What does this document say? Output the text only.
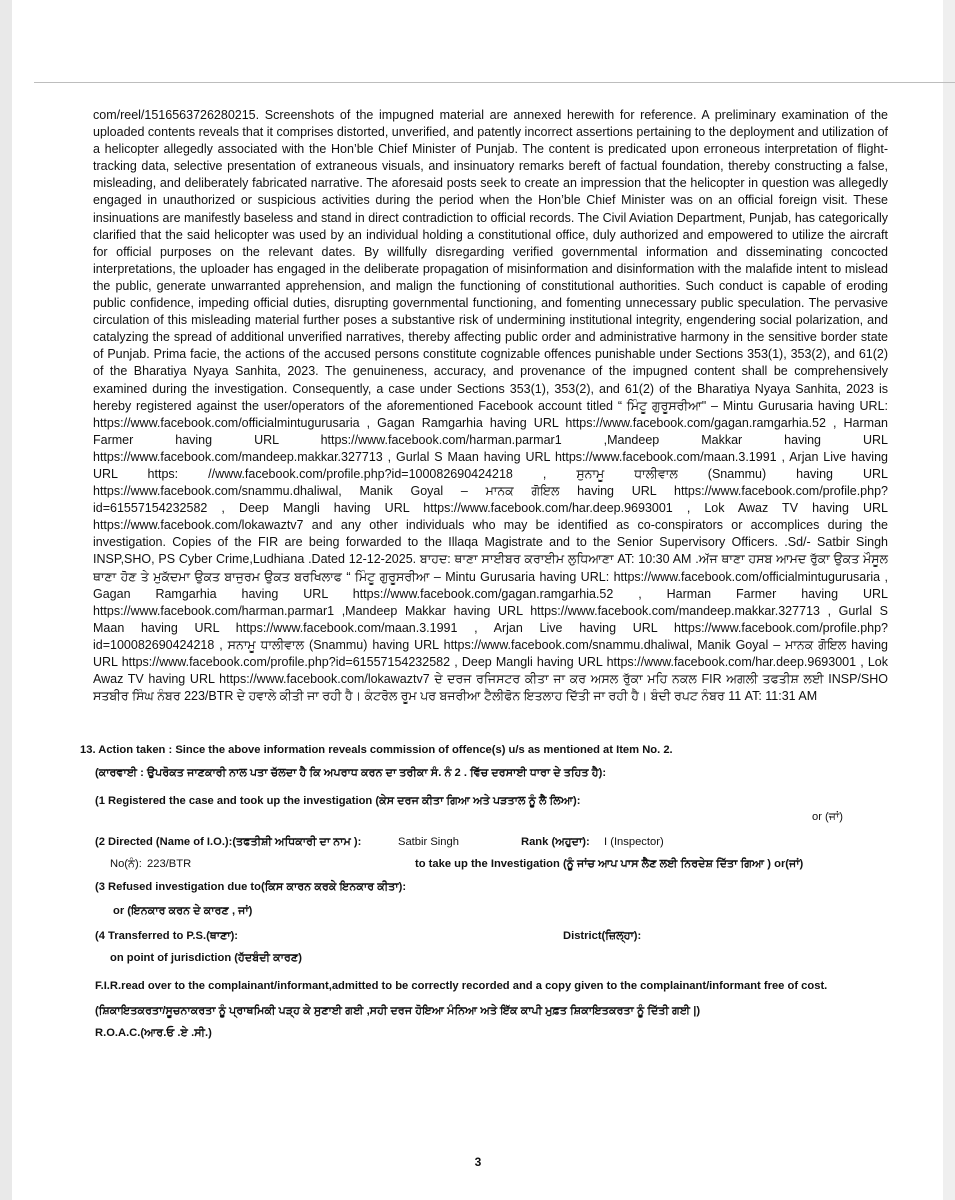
com/reel/1516563726280215. Screenshots of the impugned material are annexed herewith for reference. A preliminary examination of the uploaded contents reveals that it comprises distorted, unverified, and patently incorrect assertions pertaining to the deployment and utilization of a helicopter allegedly associated with the Hon’ble Chief Minister of Punjab. The content is predicated upon erroneous interpretation of flight-tracking data, selective presentation of extraneous visuals, and insinuatory remarks bereft of factual foundation, thereby constructing a false, misleading, and deliberately fabricated narrative. The aforesaid posts seek to create an impression that the helicopter in question was allegedly engaged in unauthorized or suspicious activities during the period when the Hon’ble Chief Minister was on an official foreign visit. These insinuations are manifestly baseless and stand in direct contradiction to official records. The Civil Aviation Department, Punjab, has categorically clarified that the said helicopter was used by an individual holding a constitutional office, duly authorized and empowered to utilize the aircraft for official purposes on the relevant dates. By willfully disregarding verified governmental information and disseminating concocted interpretations, the uploader has engaged in the deliberate propagation of misinformation and disinformation with the malafide intent to mislead the public, generate unwarranted apprehension, and malign the functioning of constitutional authorities. Such conduct is capable of eroding public confidence, impeding official duties, disrupting governmental functioning, and fomenting unnecessary public speculation. The pervasive circulation of this misleading material further poses a substantive risk of undermining institutional integrity, engendering social polarization, and catalyzing the spread of additional unverified narratives, thereby affecting public order and administrative harmony in the sensitive border state of Punjab. Prima facie, the actions of the accused persons constitute cognizable offences punishable under Sections 353(1), 353(2), and 61(2) of the Bharatiya Nyaya Sanhita, 2023. The genuineness, accuracy, and provenance of the impugned content shall be comprehensively examined during the investigation. Consequently, a case under Sections 353(1), 353(2), and 61(2) of the Bharatiya Nyaya Sanhita, 2023 is hereby registered against the user/operators of the aforementioned Facebook account titled “ ਮਿੰਟੂ ਗੁਰੂਸਰੀਆ" – Mintu Gurusaria having URL: https://www.facebook.com/officialmintugurusaria , Gagan Ramgarhia having URL https://www.facebook.com/gagan.ramgarhia.52 , Harman Farmer having URL https://www.facebook.com/harman.parmar1 ,Mandeep Makkar having URL https://www.facebook.com/mandeep.makkar.327713 , Gurlal S Maan having URL https://www.facebook.com/maan.3.1991 , Arjan Live having URL https: //www.facebook.com/profile.php?id=100082690424218 , ਸੁਨਾਮੂ ਧਾਲੀਵਾਲ (Snammu) having URL https://www.facebook.com/snammu.dhaliwal, Manik Goyal – ਮਾਨਕ ਗੋਇਲ having URL https://www.facebook.com/profile.php?id=61557154232582 , Deep Mangli having URL https://www.facebook.com/har.deep.9693001 , Lok Awaz TV having URL https://www.facebook.com/lokawaztv7 and any other individuals who may be identified as co-conspirators or accomplices during the investigation. Copies of the FIR are being forwarded to the Illaqa Magistrate and to the Senior Supervisory Officers. .Sd/- Satbir Singh INSP,SHO, PS Cyber Crime,Ludhiana .Dated 12-12-2025. ਬਾਹਦ: ਥਾਣਾ ਸਾਈਬਰ ਕਰਾਈਮ ਲੁਧਿਆਣਾ AT: 10:30 AM .ਅੱਜ ਥਾਣਾ ਹਸਬ ਆਮਦ ਰੁੱਕਾ ਉਕਤ ਮੌਸੂਲ ਥਾਣਾ ਹੋਣ ਤੇ ਮੁਕੱਦਮਾ ਉਕਤ ਬਾਜੁਰਮ ਉਕਤ ਬਰਖਿਲਾਫ “ ਮਿੰਟੂ ਗੁਰੂਸਰੀਆ – Mintu Gurusaria having URL: https://www.facebook.com/officialmintugurusaria , Gagan Ramgarhia having URL https://www.facebook.com/gagan.ramgarhia.52 , Harman Farmer having URL https://www.facebook.com/harman.parmar1 ,Mandeep Makkar having URL https://www.facebook.com/mandeep.makkar.327713 , Gurlal S Maan having URL https://www.facebook.com/maan.3.1991 , Arjan Live having URL https://www.facebook.com/profile.php?id=100082690424218 , ਸਨਾਮੂ ਧਾਲੀਵਾਲ (Snammu) having URL https://www.facebook.com/snammu.dhaliwal, Manik Goyal – ਮਾਨਕ ਗੋਇਲ having URL https://www.facebook.com/profile.php?id=61557154232582 , Deep Mangli having URL https://www.facebook.com/har.deep.9693001 , Lok Awaz TV having URL https://www.facebook.com/lokawaztv7 ਦੇ ਦਰਜ ਰਜਿਸਟਰ ਕੀਤਾ ਜਾ ਕਰ ਅਸਲ ਰੁੱਕਾ ਮਹਿ ਨਕਲ FIR ਅਗਲੀ ਤਫਤੀਸ਼ ਲਈ INSP/SHO ਸਤਬੀਰ ਸਿੰਘ ਨੰਬਰ 223/BTR ਦੇ ਹਵਾਲੇ ਕੀਤੀ ਜਾ ਰਹੀ ਹੈ। ਕੰਟਰੋਲ ਰੂਮ ਪਰ ਬਜਰੀਆ ਟੈਲੀਫੋਨ ਇਤਲਾਹ ਦਿੱਤੀ ਜਾ ਰਹੀ ਹੈ। ਬੰਦੀ ਰਪਟ ਨੰਬਰ 11 AT: 11:31 AM
13. Action taken : Since the above information reveals commission of offence(s) u/s as mentioned at Item No. 2.
(ਕਾਰਵਾਈ : ਉਪਰੋਕਤ ਜਾਣਕਾਰੀ ਨਾਲ ਪਤਾ ਚੱਲਦਾ ਹੈ ਕਿ ਅਪਰਾਧ ਕਰਨ ਦਾ ਤਰੀਕਾ ਸੰ. ਨੰ 2 . ਵਿੱਚ ਦਰਸਾਈ ਧਾਰਾ ਦੇ ਤਹਿਤ ਹੈ):
(1 Registered the case and took up the investigation (ਕੇਸ ਦਰਜ ਕੀਤਾ ਗਿਆ ਅਤੇ ਪੜਤਾਲ ਨੂੰ ਲੈ ਲਿਆ):
or (ਜਾਂ)
(2 Directed (Name of I.O.):(ਤਫਤੀਸ਼ੀ ਅਧਿਕਾਰੀ ਦਾ ਨਾਮ ):	Satbir Singh	Rank (ਅਹੁਦਾ): I (Inspector)
No(ਨੰ): 223/BTR	to take up the Investigation (ਨੂੰ ਜਾਂਚ ਆਪ ਪਾਸ ਲੈਣ ਲਈ ਨਿਰਦੇਸ਼ ਦਿੱਤਾ ਗਿਆ ) or(ਜਾਂ)
(3 Refused investigation due to(ਕਿਸ ਕਾਰਨ ਕਰਕੇ ਇਨਕਾਰ ਕੀਤਾ):
or (ਇਨਕਾਰ ਕਰਨ ਦੇ ਕਾਰਣ , ਜਾਂ)
(4 Transferred to P.S.(ਥਾਣਾ):	District(ਜ਼ਿਲ੍ਹਾ):
on point of jurisdiction (ਹੱਦਬੰਦੀ ਕਾਰਣ)
F.I.R.read over to the complainant/informant,admitted to be correctly recorded and a copy given to the complainant/informant free of cost.
(ਸ਼ਿਕਾਇਤਕਰਤਾ/ਸੂਚਨਾਕਰਤਾ ਨੂੰ ਪ੍ਰਾਥਮਿਕੀ ਪੜ੍ਹ ਕੇ ਸੁਣਾਈ ਗਈ ,ਸਹੀ ਦਰਜ ਹੋਇਆ ਮੰਨਿਆ ਅਤੇ ਇੱਕ ਕਾਪੀ ਮੁਫ਼ਤ ਸ਼ਿਕਾਇਤਕਰਤਾ ਨੂੰ ਦਿੱਤੀ ਗਈ |)
R.O.A.C.(ਆਰ.ਓ .ਏ .ਸੀ.)
3
